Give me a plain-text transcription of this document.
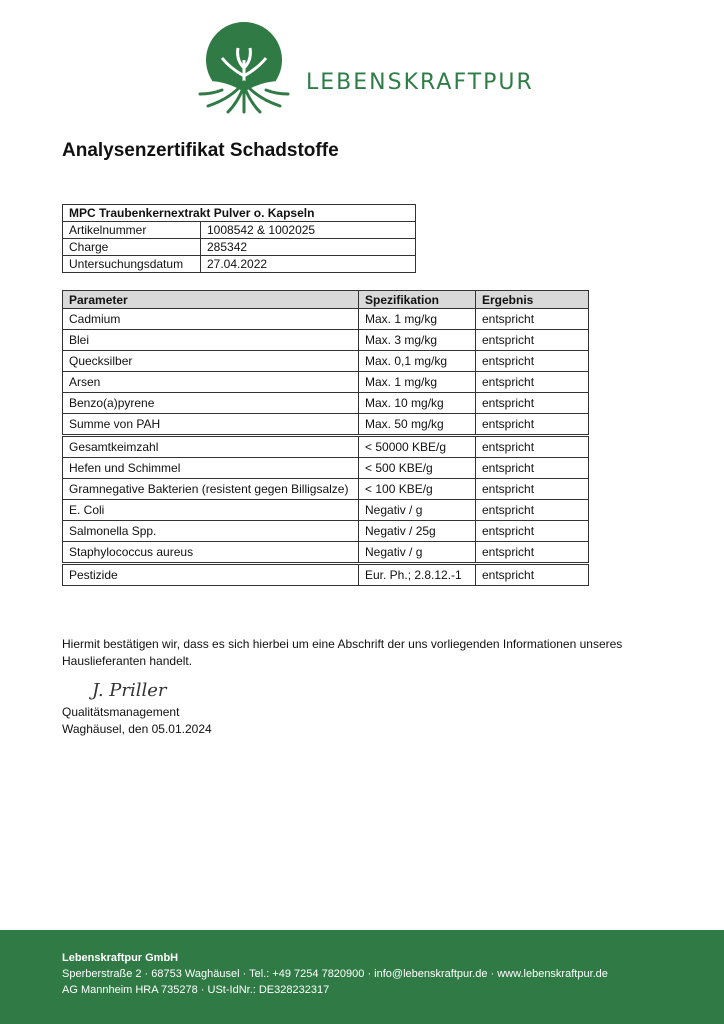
LEBENSKRAFTPUR
Analysenzertifikat Schadstoffe
MPC Traubenkernextrakt Pulver o. Kapseln	
Artikelnummer	1008542 & 1002025
Charge	285342
Untersuchungsdatum	27.04.2022
Parameter	Spezifikation	Ergebnis
Cadmium	Max. 1 mg/kg	entspricht
Blei	Max. 3 mg/kg	entspricht
Quecksilber	Max. 0,1 mg/kg	entspricht
Arsen	Max. 1 mg/kg	entspricht
Benzo(a)pyrene	Max. 10 mg/kg	entspricht
Summe von PAH	Max. 50 mg/kg	entspricht
Gesamtkeimzahl	< 50000 KBE/g	entspricht
Hefen und Schimmel	< 500 KBE/g	entspricht
Gramnegative Bakterien (resistent gegen Billigsalze)	< 100 KBE/g	entspricht
E. Coli	Negativ / g	entspricht
Salmonella Spp.	Negativ / 25g	entspricht
Staphylococcus aureus	Negativ / g	entspricht
Pestizide	Eur. Ph.; 2.8.12.-1	entspricht

Hiermit bestätigen wir, dass es sich hierbei um eine Abschrift der uns vorliegenden Informationen unseres Hauslieferanten handelt.

J. Priller
Qualitätsmanagement
Waghäusel, den 05.01.2024
Lebenskraftpur GmbH
Sperberstraße 2 · 68753 Waghäusel · Tel.: +49 7254 7820900 · info@lebenskraftpur.de · www.lebenskraftpur.de
AG Mannheim HRA 735278 · USt-IdNr.: DE328232317
